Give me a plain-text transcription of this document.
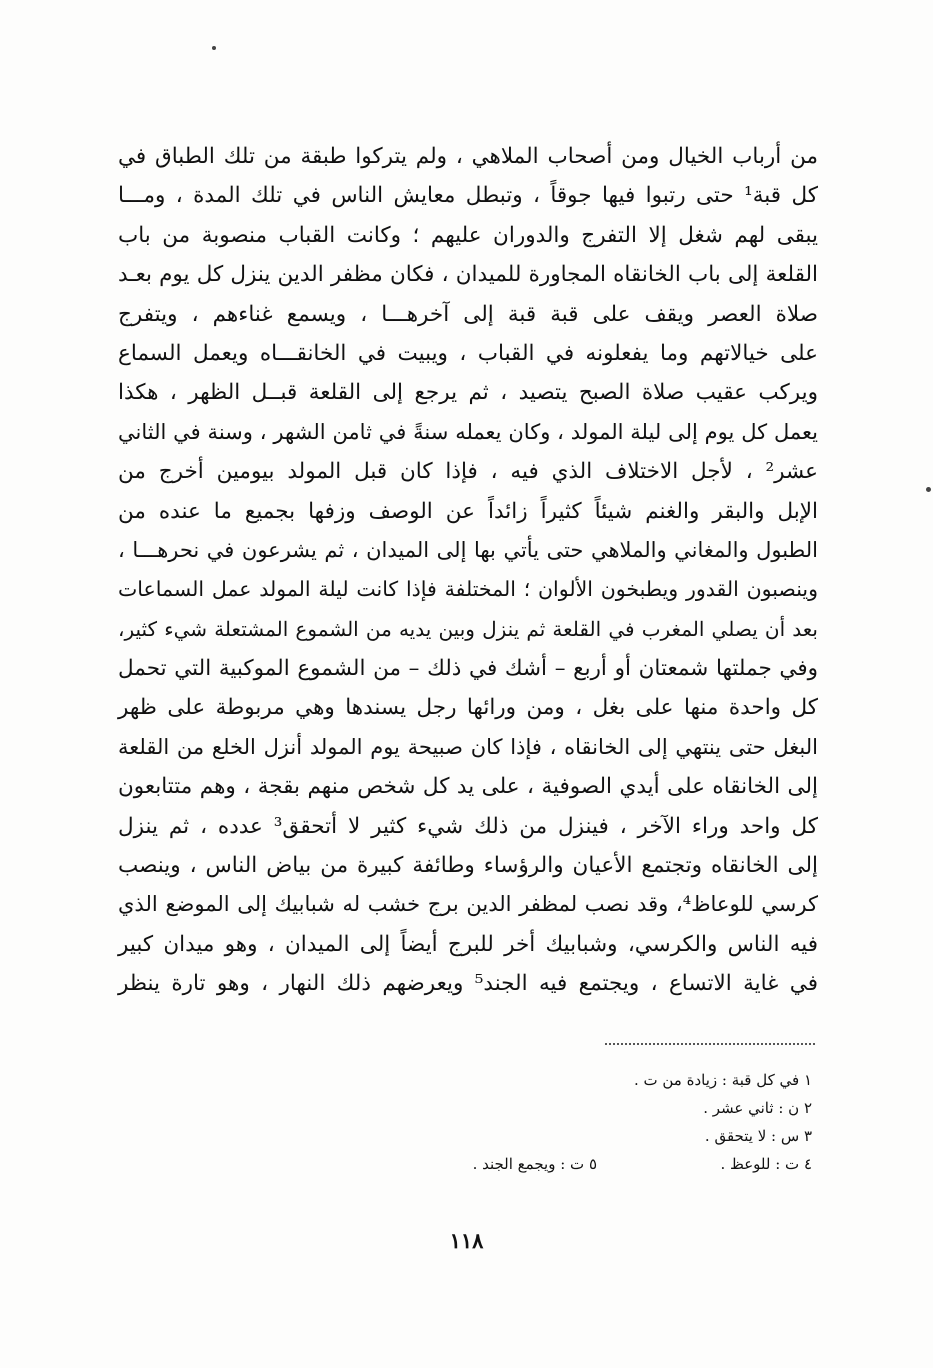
من أرباب الخيال ومن أصحاب الملاهي ، ولم يتركوا طبقة من تلك الطباق في
كل قبة¹ حتى رتبوا فيها جوقاً ، وتبطل معايش الناس في تلك المدة ، ومـــا
يبقى لهم شغل إلا التفرج والدوران عليهم ؛ وكانت القباب منصوبة من باب
القلعة إلى باب الخانقاه المجاورة للميدان ، فكان مظفر الدين ينزل كل يوم بعـد
صلاة العصر ويقف على قبة قبة إلى آخرهـــا ، ويسمع غناءهم ، ويتفرج
على خيالاتهم وما يفعلونه في القباب ، ويبيت في الخانقـــاه ويعمل السماع
ويركب عقيب صلاة الصبح يتصيد ، ثم يرجع إلى القلعة قبــل الظهر ، هكذا
يعمل كل يوم إلى ليلة المولد ، وكان يعمله سنةً في ثامن الشهر ، وسنة في الثاني
عشر² ، لأجل الاختلاف الذي فيه ، فإذا كان قبل المولد بيومين أخرج من
الإبل والبقر والغنم شيئاً كثيراً زائداً عن الوصف وزفها بجميع ما عنده من
الطبول والمغاني والملاهي حتى يأتي بها إلى الميدان ، ثم يشرعون في نحرهـــا ،
وينصبون القدور ويطبخون الألوان ؛ المختلفة فإذا كانت ليلة المولد عمل السماعات
بعد أن يصلي المغرب في القلعة ثم ينزل وبين يديه من الشموع المشتعلة شيء كثير،
وفي جملتها شمعتان أو أربع – أشك في ذلك – من الشموع الموكبية التي تحمل
كل واحدة منها على بغل ، ومن ورائها رجل يسندها وهي مربوطة على ظهر
البغل حتى ينتهي إلى الخانقاه ، فإذا كان صبيحة يوم المولد أنزل الخلع من القلعة
إلى الخانقاه على أيدي الصوفية ، على يد كل شخص منهم بقجة ، وهم متتابعون
كل واحد وراء الآخر ، فينزل من ذلك شيء كثير لا أتحقق³ عدده ، ثم ينزل
إلى الخانقاه وتجتمع الأعيان والرؤساء وطائفة كبيرة من بياض الناس ، وينصب
كرسي للوعاظ⁴، وقد نصب لمظفر الدين برج خشب له شبابيك إلى الموضع الذي
فيه الناس والكرسي، وشبابيك أخر للبرج أيضاً إلى الميدان ، وهو ميدان كبير
في غاية الاتساع ، ويجتمع فيه الجند⁵ ويعرضهم ذلك النهار ، وهو تارة ينظر
١ في كل قبة : زيادة من ت .
٢ ن : ثاني عشر .
٣ س : لا يتحقق .
٤ ت : للوعظ .
٥ ت : ويجمع الجند .
١١٨
